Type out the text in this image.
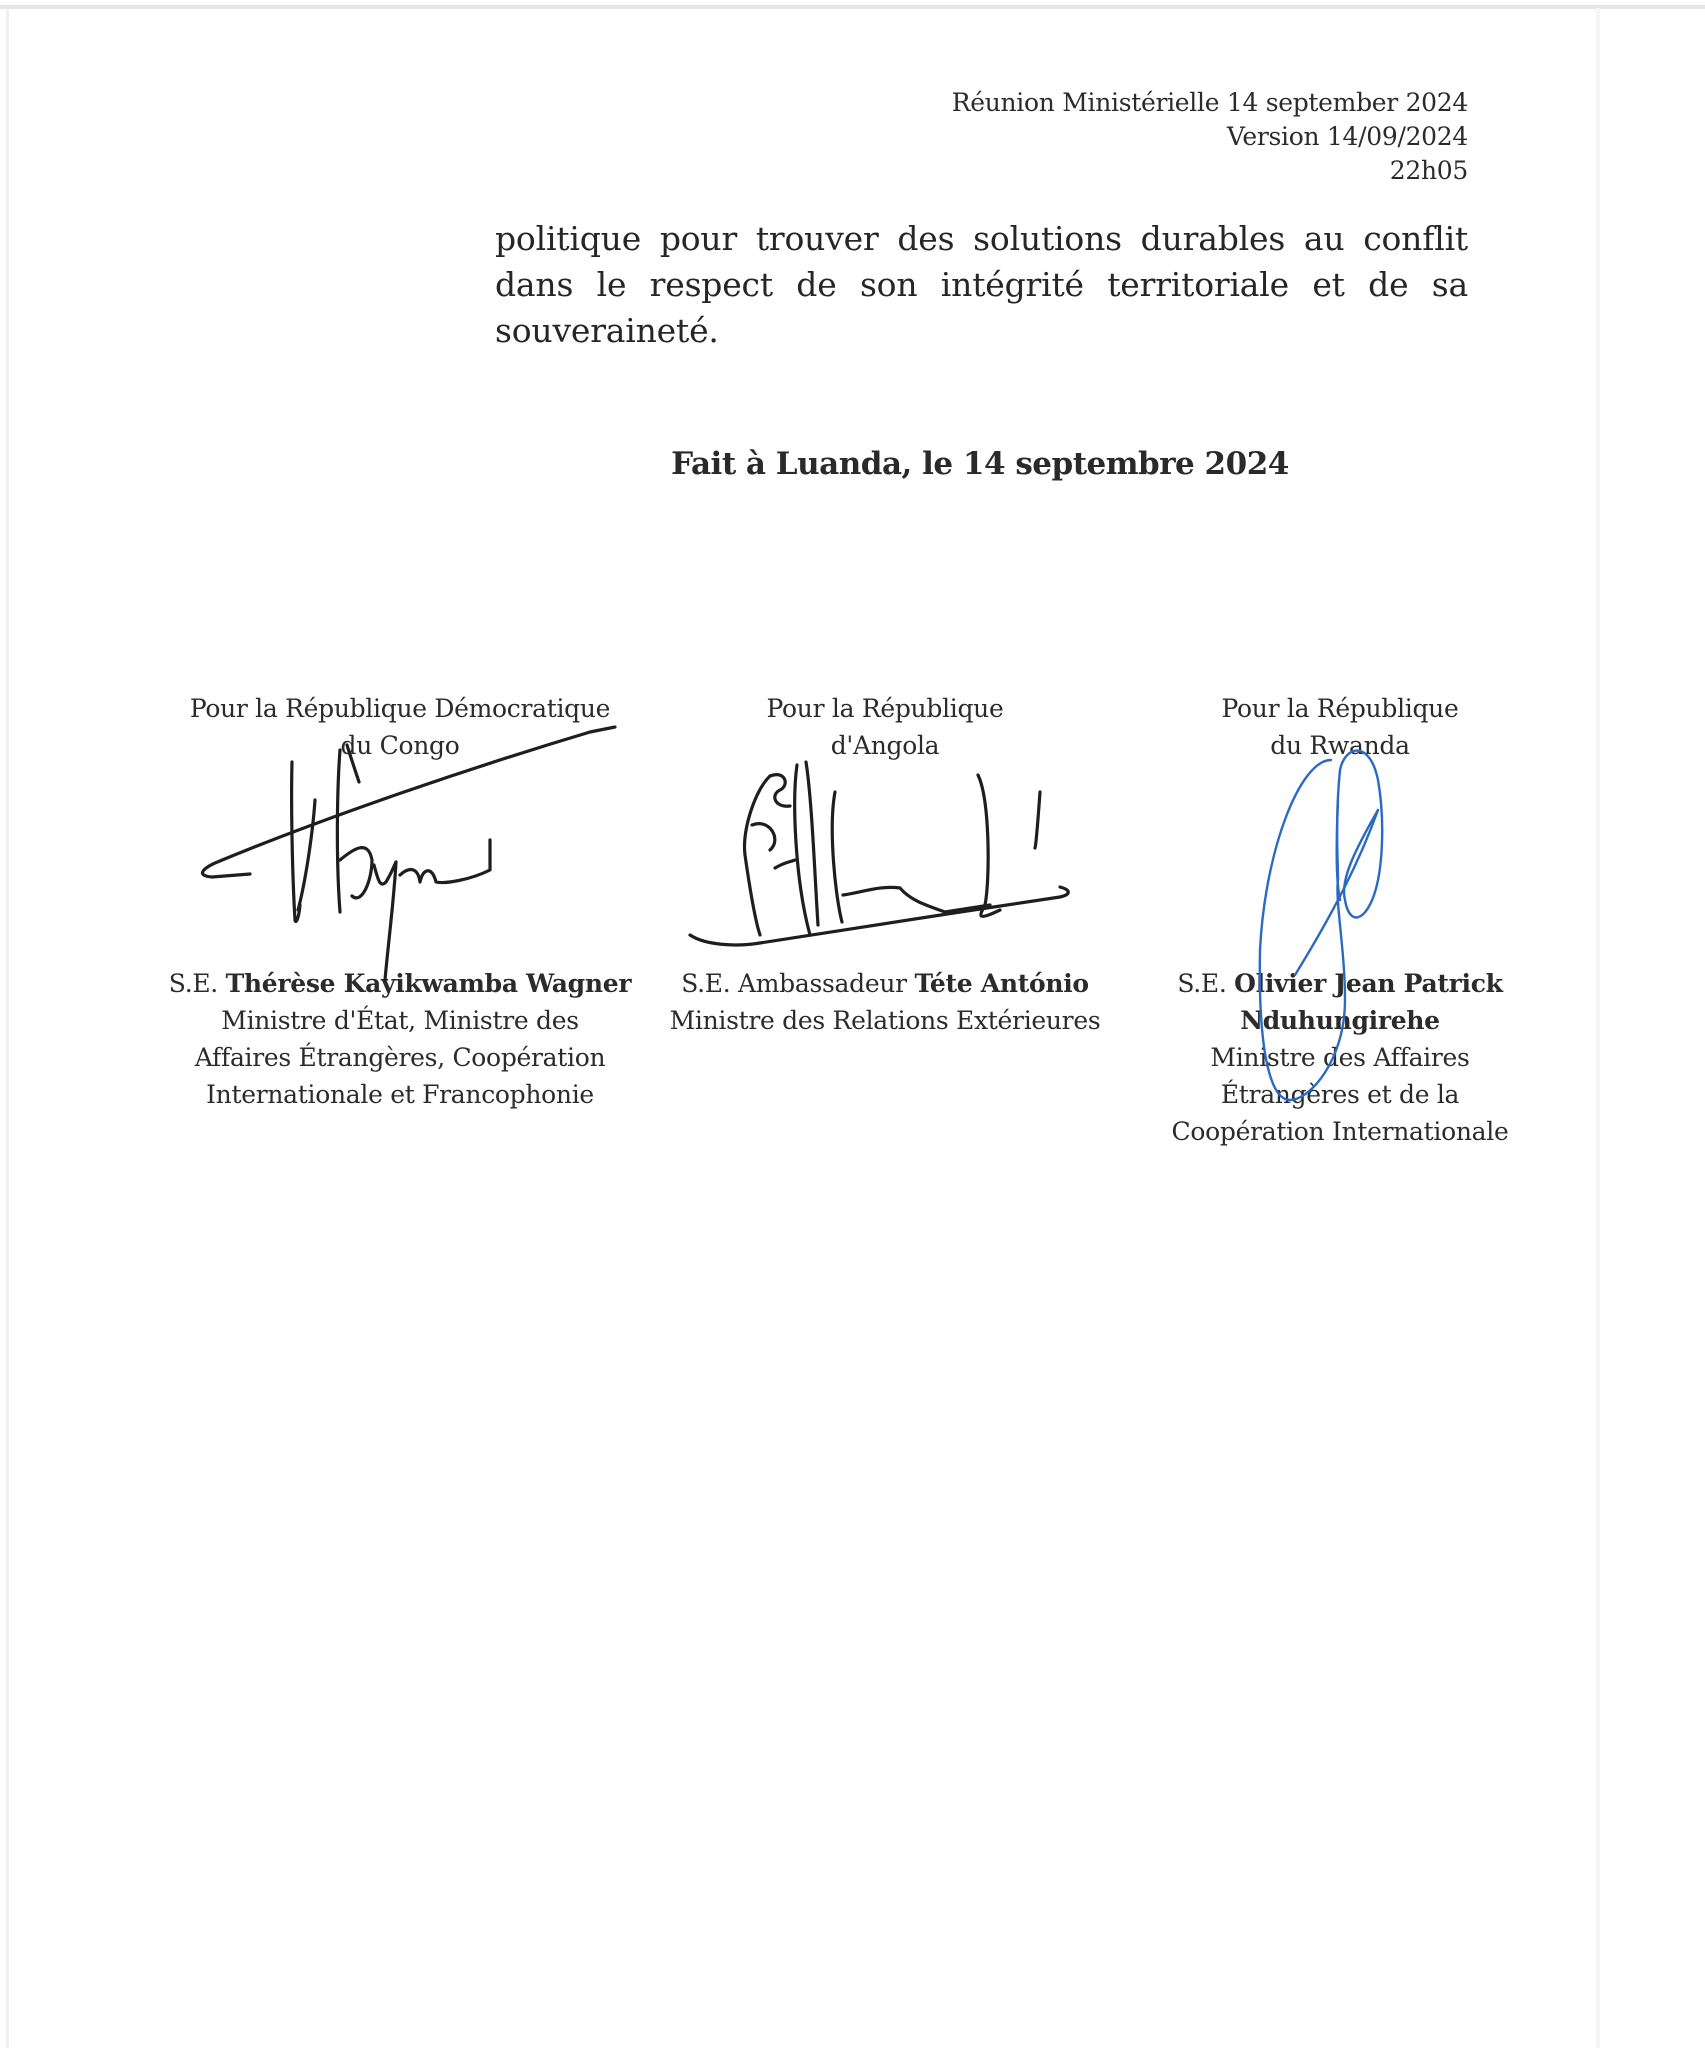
Réunion Ministérielle 14 september 2024
Version 14/09/2024
22h05
politique pour trouver des solutions durables au conflit dans le respect de son intégrité territoriale et de sa souveraineté.
Fait à Luanda, le 14 septembre 2024
Pour la République Démocratique
du Congo
S.E. Thérèse Kayikwamba Wagner
Ministre d'État, Ministre des
Affaires Étrangères, Coopération
Internationale et Francophonie
Pour la République
d'Angola
S.E. Ambassadeur Téte António
Ministre des Relations Extérieures
Pour la République
du Rwanda
S.E. Olivier Jean Patrick
Nduhungirehe
Ministre des Affaires
Étrangères et de la
Coopération Internationale
